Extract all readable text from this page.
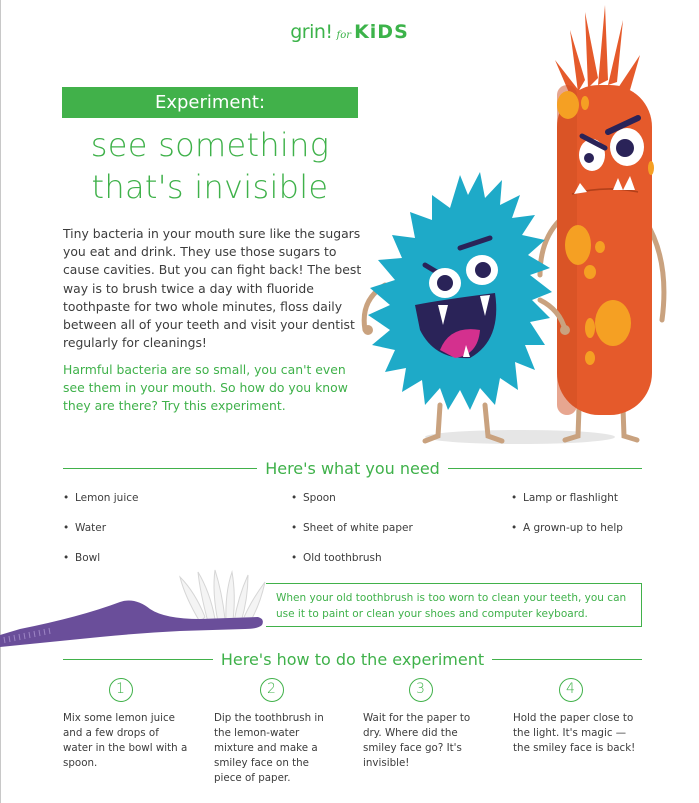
grin! for KiDS
Experiment:
see something
that's invisible

Tiny bacteria in your mouth sure like the sugars you eat and drink. They use those sugars to cause cavities. But you can fight back! The best way is to brush twice a day with fluoride toothpaste for two whole minutes, floss daily between all of your teeth and visit your dentist regularly for cleanings!

Harmful bacteria are so small, you can't even see them in your mouth. So how do you know they are there? Try this experiment.

Here's what you need
• Lemon juice
• Water
• Bowl
• Spoon
• Sheet of white paper
• Old toothbrush
• Lamp or flashlight
• A grown-up to help
When your old toothbrush is too worn to clean your teeth, you can use it to paint or clean your shoes and computer keyboard.
Here's how to do the experiment
1
Mix some lemon juice and a few drops of water in the bowl with a spoon.
2
Dip the toothbrush in the lemon-water mixture and make a smiley face on the piece of paper.
3
Wait for the paper to dry. Where did the smiley face go? It's invisible!
4
Hold the paper close to the light. It's magic — the smiley face is back!
